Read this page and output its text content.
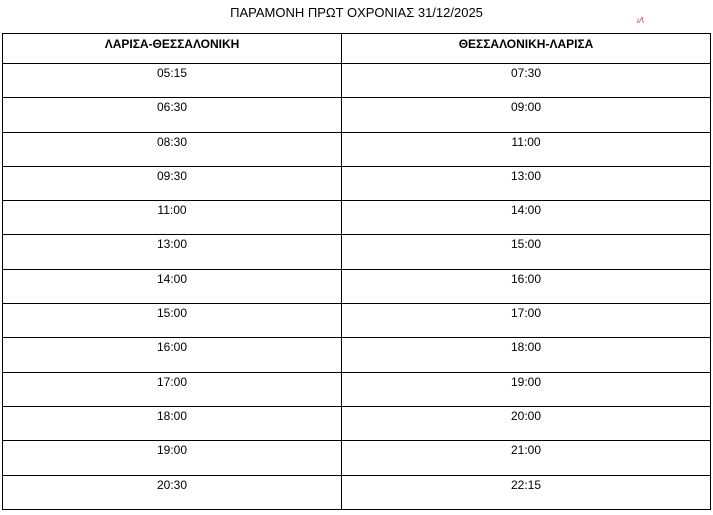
ΠΑΡΑΜΟΝΗ ΠΡΩΤ ΟΧΡΟΝΙΑΣ 31/12/2025
ιΛ
ΛΑΡΙΣΑ-ΘΕΣΣΑΛΟΝΙΚΗ	ΘΕΣΣΑΛΟΝΙΚΗ-ΛΑΡΙΣΑ
05:15	07:30
06:30	09:00
08:30	11:00
09:30	13:00
11:00	14:00
13:00	15:00
14:00	16:00
15:00	17:00
16:00	18:00
17:00	19:00
18:00	20:00
19:00	21:00
20:30	22:15
